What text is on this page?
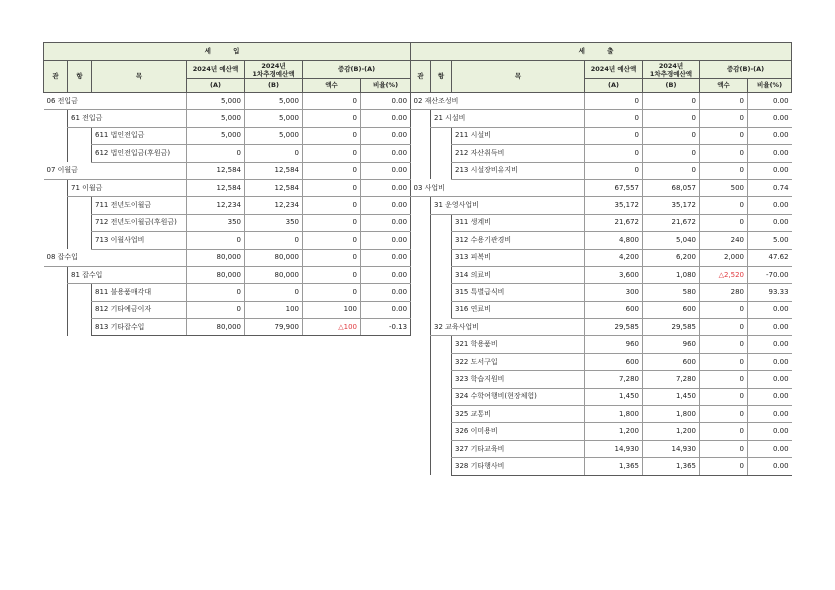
세 입						
관	항	목	2024년 예산액	2024년
1차추경예산액	증감(B)-(A)	
			(A)	(B)	액수	비율(%)
06 전입금			5,000	5,000	0	0.00
	61 전입금		5,000	5,000	0	0.00
		611 법인전입금	5,000	5,000	0	0.00
		612 법인전입금(후원금)	0	0	0	0.00
07 이월금			12,584	12,584	0	0.00
	71 이월금		12,584	12,584	0	0.00
		711 전년도이월금	12,234	12,234	0	0.00
		712 전년도이월금(후원금)	350	350	0	0.00
		713 이월사업비	0	0	0	0.00
08 잡수입			80,000	80,000	0	0.00
	81 잡수입		80,000	80,000	0	0.00
		811 불용품매각대	0	0	0	0.00
		812 기타예금이자	0	100	100	0.00
		813 기타잡수입	80,000	79,900	△100	-0.13
세 출						
관	항	목	2024년 예산액	2024년
1차추경예산액	증감(B)-(A)	
			(A)	(B)	액수	비율(%)
02 재산조성비			0	0	0	0.00
	21 시설비		0	0	0	0.00
		211 시설비	0	0	0	0.00
		212 자산취득비	0	0	0	0.00
		213 시설장비유지비	0	0	0	0.00
03 사업비			67,557	68,057	500	0.74
	31 운영사업비		35,172	35,172	0	0.00
		311 생계비	21,672	21,672	0	0.00
		312 수용기관경비	4,800	5,040	240	5.00
		313 피복비	4,200	6,200	2,000	47.62
		314 의료비	3,600	1,080	△2,520	-70.00
		315 특별급식비	300	580	280	93.33
		316 연료비	600	600	0	0.00
	32 교육사업비		29,585	29,585	0	0.00
		321 학용품비	960	960	0	0.00
		322 도서구입	600	600	0	0.00
		323 학습지원비	7,280	7,280	0	0.00
		324 수학여행비(현장체험)	1,450	1,450	0	0.00
		325 교통비	1,800	1,800	0	0.00
		326 이미용비	1,200	1,200	0	0.00
		327 기타교육비	14,930	14,930	0	0.00
		328 기타행사비	1,365	1,365	0	0.00
